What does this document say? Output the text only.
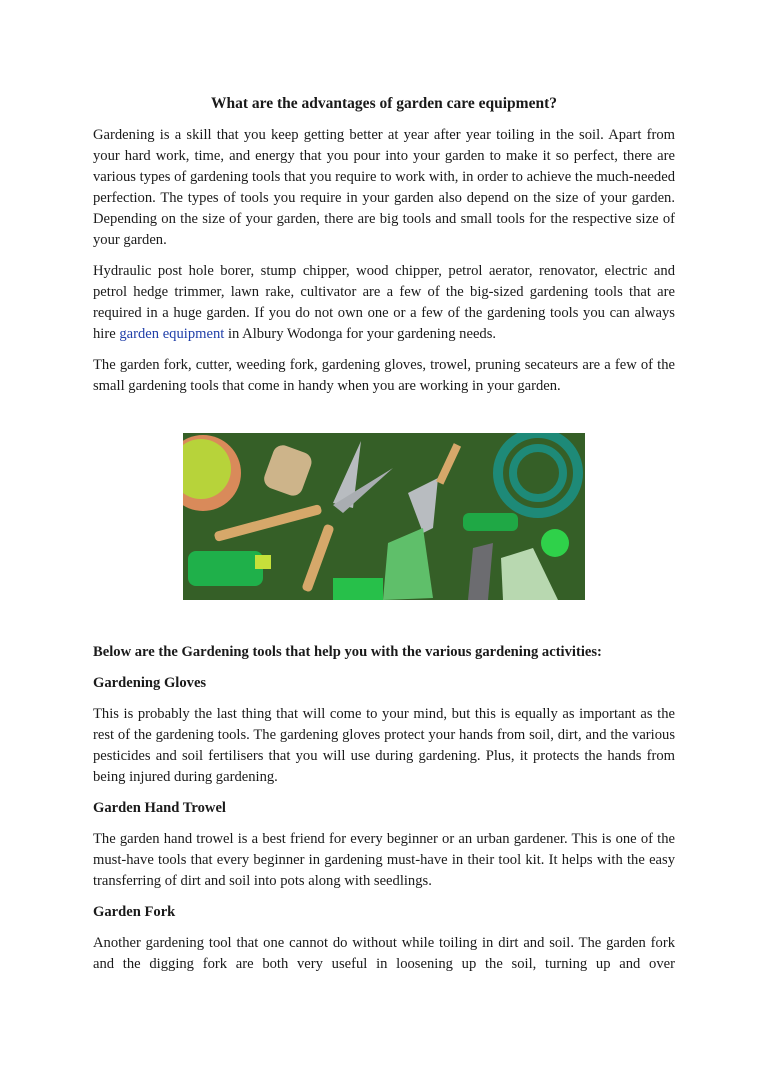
What are the advantages of garden care equipment?

Gardening is a skill that you keep getting better at year after year toiling in the soil. Apart from your hard work, time, and energy that you pour into your garden to make it so perfect, there are various types of gardening tools that you require to work with, in order to achieve the much-needed perfection. The types of tools you require in your garden also depend on the size of your garden. Depending on the size of your garden, there are big tools and small tools for the respective size of your garden.

Hydraulic post hole borer, stump chipper, wood chipper, petrol aerator, renovator, electric and petrol hedge trimmer, lawn rake, cultivator are a few of the big-sized gardening tools that are required in a huge garden. If you do not own one or a few of the gardening tools you can always hire garden equipment in Albury Wodonga for your gardening needs.

The garden fork, cutter, weeding fork, gardening gloves, trowel, pruning secateurs are a few of the small gardening tools that come in handy when you are working in your garden.

Below are the Gardening tools that help you with the various gardening activities:
Gardening Gloves

This is probably the last thing that will come to your mind, but this is equally as important as the rest of the gardening tools. The gardening gloves protect your hands from soil, dirt, and the various pesticides and soil fertilisers that you will use during gardening. Plus, it protects the hands from being injured during gardening.

Garden Hand Trowel

The garden hand trowel is a best friend for every beginner or an urban gardener. This is one of the must-have tools that every beginner in gardening must-have in their tool kit. It helps with the easy transferring of dirt and soil into pots along with seedlings.

Garden Fork

Another gardening tool that one cannot do without while toiling in dirt and soil. The garden fork and the digging fork are both very useful in loosening up the soil, turning up and over
